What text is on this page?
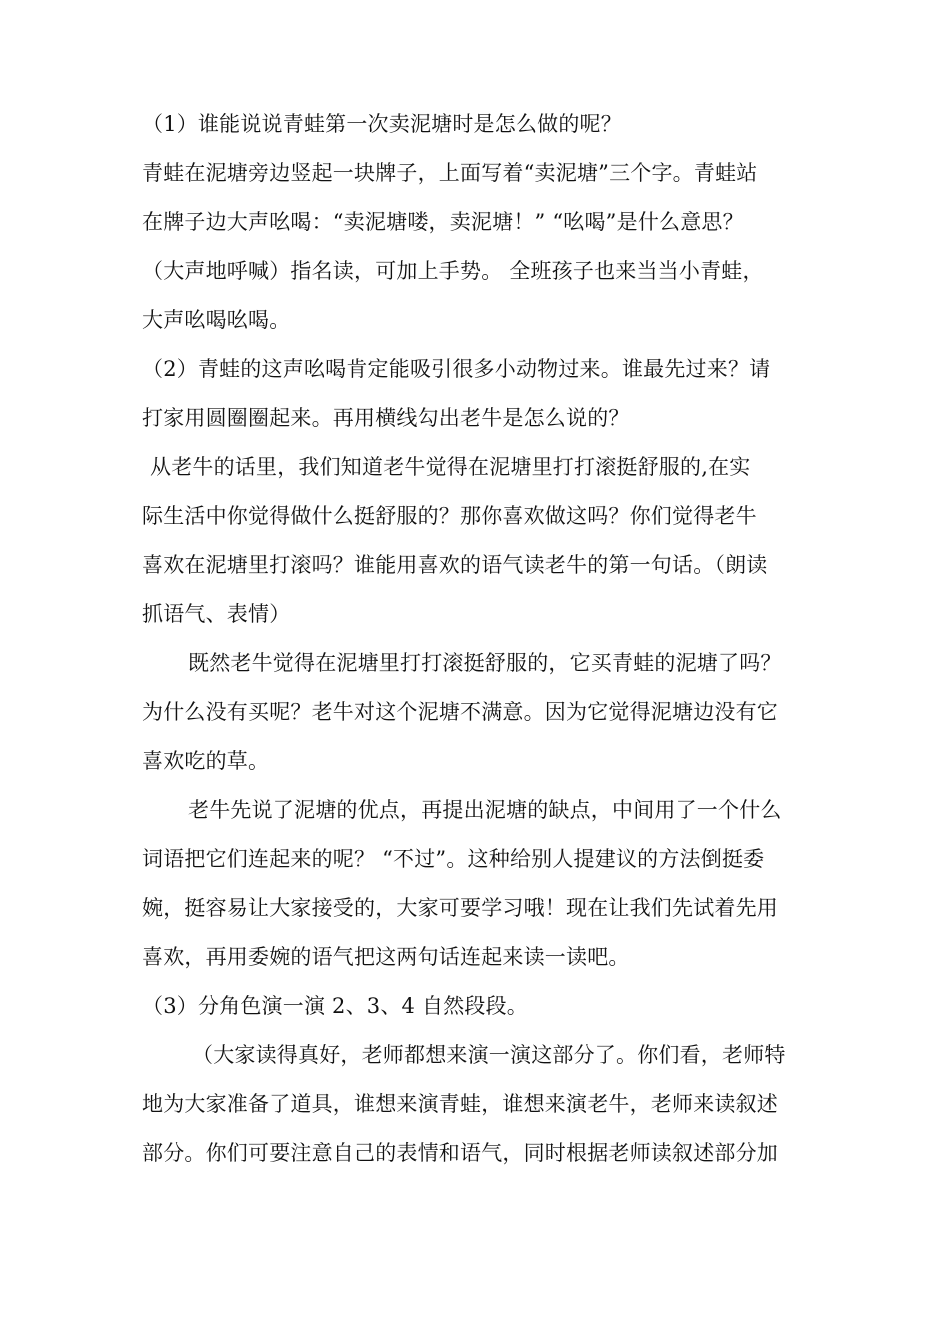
（1）谁能说说青蛙第一次卖泥塘时是怎么做的呢？
青蛙在泥塘旁边竖起一块牌子，上面写着“卖泥塘”三个字。青蛙站
在牌子边大声吆喝：“卖泥塘喽，卖泥塘！” “吆喝”是什么意思？
（大声地呼喊）指名读，可加上手势。 全班孩子也来当当小青蛙，
大声吆喝吆喝。
（2）青蛙的这声吆喝肯定能吸引很多小动物过来。谁最先过来？请
打家用圆圈圈起来。再用横线勾出老牛是怎么说的？
从老牛的话里，我们知道老牛觉得在泥塘里打打滚挺舒服的,在实
际生活中你觉得做什么挺舒服的？那你喜欢做这吗？你们觉得老牛
喜欢在泥塘里打滚吗？谁能用喜欢的语气读老牛的第一句话。（朗读
抓语气、表情）
既然老牛觉得在泥塘里打打滚挺舒服的，它买青蛙的泥塘了吗？
为什么没有买呢？老牛对这个泥塘不满意。因为它觉得泥塘边没有它
喜欢吃的草。
老牛先说了泥塘的优点，再提出泥塘的缺点，中间用了一个什么
词语把它们连起来的呢？ “不过”。这种给别人提建议的方法倒挺委
婉，挺容易让大家接受的，大家可要学习哦！现在让我们先试着先用
喜欢，再用委婉的语气把这两句话连起来读一读吧。
（3）分角色演一演 2、3、4 自然段段。
（大家读得真好，老师都想来演一演这部分了。你们看，老师特
地为大家准备了道具，谁想来演青蛙，谁想来演老牛，老师来读叙述
部分。你们可要注意自己的表情和语气，同时根据老师读叙述部分加
